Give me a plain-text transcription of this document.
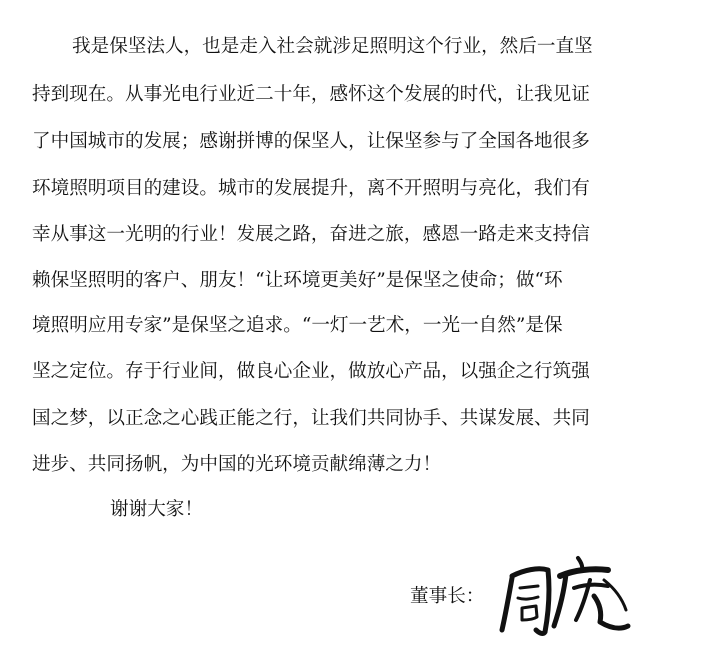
我是保坚法人，也是走入社会就涉足照明这个行业，然后一直坚
持到现在。从事光电行业近二十年，感怀这个发展的时代，让我见证
了中国城市的发展；感谢拼博的保坚人，让保坚参与了全国各地很多
环境照明项目的建设。城市的发展提升，离不开照明与亮化，我们有
幸从事这一光明的行业！发展之路，奋进之旅，感恩一路走来支持信
赖保坚照明的客户、朋友！“让环境更美好”是保坚之使命；做“环
境照明应用专家”是保坚之追求。“一灯一艺术，一光一自然”是保
坚之定位。存于行业间，做良心企业，做放心产品，以强企之行筑强
国之梦，以正念之心践正能之行，让我们共同协手、共谋发展、共同
进步、共同扬帆，为中国的光环境贡献绵薄之力！
谢谢大家！
董事长：
